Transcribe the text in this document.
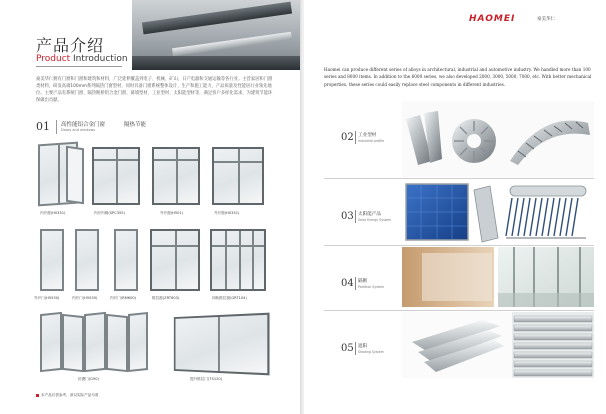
产品介绍
Product Introduction
豪美华仁拥有门窗和门窗和建筑和材料，广泛延伸覆盖到电子、机械、矿山、日产电器和交通运输等各行业。主营家居和门窗类材料，研发高端100mm系列隔热门窗型材，同时具备门窗系统整体设计、生产和施工能力，产品质量及性能居行业领先地位。主要产品有系统门窗、隔热断桥铝合金门窗、幕墙型材、工业型材、太阳能型材等，满足客户多样化需求，为建筑节能环保做出贡献。
01 高性能铝合金门窗
Doors and windows
隔热节能
内开窗(H0351)	内开内倒(SPC355)	外开窗(H501)	外开窗(H0351)
外开门(H5550)	内开门(H5550)	内开门(RM600)	推拉窗(ZRT603)	四轨推拉窗(GRT104)
折叠门(G90)	提升推拉门(TS120)
本产品仅供参考，请以实际产品为准
HAOMEI	豪美华仁
Haomei can produce different series of alloys in architectural, industrial and automotive industry. We handled more than 100 series and 8000 items. In addition to the 6000 series, we also developed 2000, 3000, 5000, 7000, etc. With better mechanical properties, these series could easily replace steel components in different industries.
02 工业型材
Industrial profile
03 太阳能产品
Solar Energy System
04 隔断
Partition System
05 遮阳
Shading System
